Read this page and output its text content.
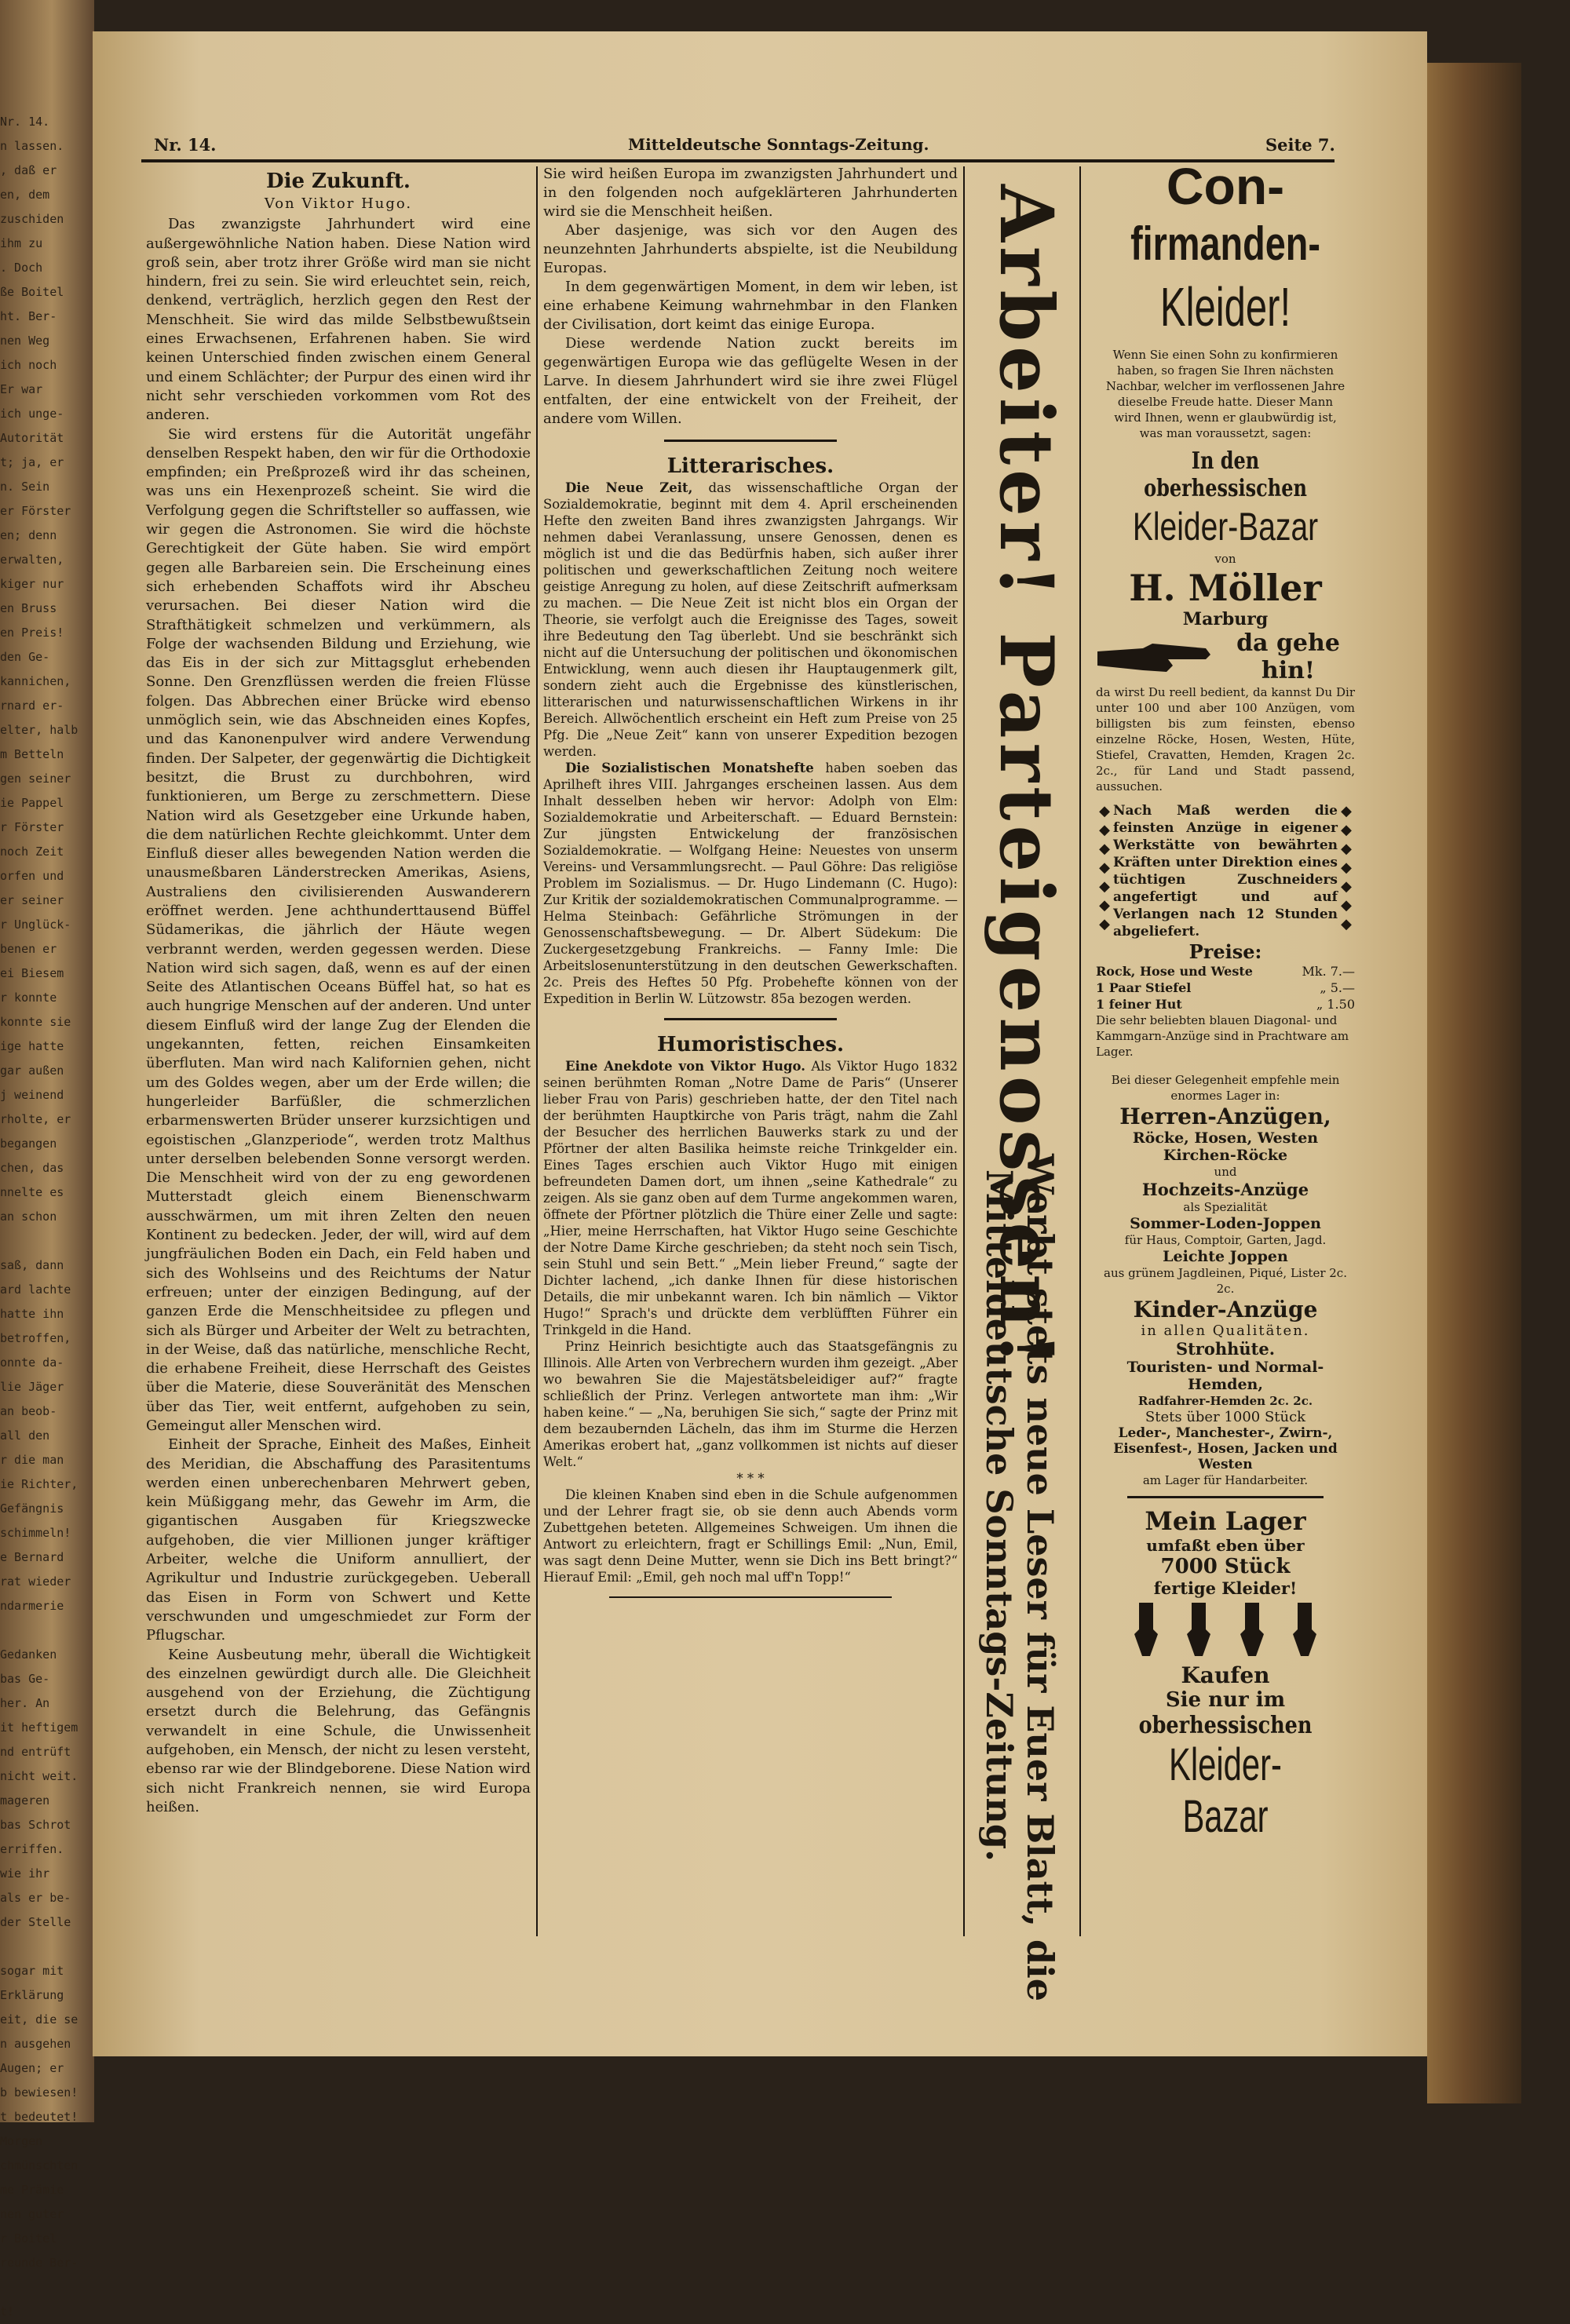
Nr. 14.
n lassen.
, daß er
en, dem
zuschiden
ihm zu
. Doch
ße Boitel
ht. Ber-
nen Weg
ich noch
Er war
ich unge-
Autorität
t; ja, er
n. Sein
er Förster
en; denn
erwalten,
kiger nur
en Bruss
en Preis!
den Ge-
kannichen,
rnard er-
elter, halb
m Betteln
gen seiner
ie Pappel
r Förster
noch Zeit
orfen und
er seiner
r Unglück-
benen er
ei Biesem
r konnte
konnte sie
ige hatte
gar außen
j weinend
rholte, er
begangen
chen, das
nnelte es
an schon

saß, dann
ard lachte
hatte ihn
betroffen,
onnte da-
lie Jäger
an beob-
all den
r die man
ie Richter,
Gefängnis
schimmeln!
e Bernard
rat wieder
ndarmerie

Gedanken
bas Ge-
her. An
it heftigem
nd entrüft
nicht weit.
mageren
bas Schrot
erriffen.
wie ihr
als er be-
der Stelle

sogar mit
Erklärung
eit, die se
n ausgehen
Augen; er
b bewiesen!
t bedeutet!
Morgen
chmünschten
me Prämie
nen guter
r Boitel
reunde Ber-

t!
Nr. 14.	Mitteldeutsche Sonntags-Zeitung.	Seite 7.
Die Zukunft.
Von Viktor Hugo.

Das zwanzigste Jahrhundert wird eine außergewöhnliche Nation haben. Diese Nation wird groß sein, aber trotz ihrer Größe wird man sie nicht hindern, frei zu sein. Sie wird erleuchtet sein, reich, denkend, verträglich, herzlich gegen den Rest der Menschheit. Sie wird das milde Selbstbewußtsein eines Erwachsenen, Erfahrenen haben. Sie wird keinen Unterschied finden zwischen einem General und einem Schlächter; der Purpur des einen wird ihr nicht sehr verschieden vorkommen vom Rot des anderen.

Sie wird erstens für die Autorität ungefähr denselben Respekt haben, den wir für die Orthodoxie empfinden; ein Preßprozeß wird ihr das scheinen, was uns ein Hexenprozeß scheint. Sie wird die Verfolgung gegen die Schriftsteller so auffassen, wie wir gegen die Astronomen. Sie wird die höchste Gerechtigkeit der Güte haben. Sie wird empört gegen alle Barbareien sein. Die Erscheinung eines sich erhebenden Schaffots wird ihr Abscheu verursachen. Bei dieser Nation wird die Strafthätigkeit schmelzen und verkümmern, als Folge der wachsenden Bildung und Erziehung, wie das Eis in der sich zur Mittagsglut erhebenden Sonne. Den Grenzflüssen werden die freien Flüsse folgen. Das Abbrechen einer Brücke wird ebenso unmöglich sein, wie das Abschneiden eines Kopfes, und das Kanonenpulver wird andere Verwendung finden. Der Salpeter, der gegenwärtig die Dichtigkeit besitzt, die Brust zu durchbohren, wird funktionieren, um Berge zu zerschmettern. Diese Nation wird als Gesetzgeber eine Urkunde haben, die dem natürlichen Rechte gleichkommt. Unter dem Einfluß dieser alles bewegenden Nation werden die unausmeßbaren Länderstrecken Amerikas, Asiens, Australiens den civilisierenden Auswanderern eröffnet werden. Jene achthunderttausend Büffel Südamerikas, die jährlich der Häute wegen verbrannt werden, werden gegessen werden. Diese Nation wird sich sagen, daß, wenn es auf der einen Seite des Atlantischen Oceans Büffel hat, so hat es auch hungrige Menschen auf der anderen. Und unter diesem Einfluß wird der lange Zug der Elenden die ungekannten, fetten, reichen Einsamkeiten überfluten. Man wird nach Kalifornien gehen, nicht um des Goldes wegen, aber um der Erde willen; die hungerleider Barfüßler, die schmerzlichen erbarmenswerten Brüder unserer kurzsichtigen und egoistischen „Glanzperiode“, werden trotz Malthus unter derselben belebenden Sonne versorgt werden. Die Menschheit wird von der zu eng gewordenen Mutterstadt gleich einem Bienenschwarm ausschwärmen, um mit ihren Zelten den neuen Kontinent zu bedecken. Jeder, der will, wird auf dem jungfräulichen Boden ein Dach, ein Feld haben und sich des Wohlseins und des Reichtums der Natur erfreuen; unter der einzigen Bedingung, auf der ganzen Erde die Menschheitsidee zu pflegen und sich als Bürger und Arbeiter der Welt zu betrachten, in der Weise, daß das natürliche, menschliche Recht, die erhabene Freiheit, diese Herrschaft des Geistes über die Materie, diese Souveränität des Menschen über das Tier, weit entfernt, aufgehoben zu sein, Gemeingut aller Menschen wird.

Einheit der Sprache, Einheit des Maßes, Einheit des Meridian, die Abschaffung des Parasitentums werden einen unberechenbaren Mehrwert geben, kein Müßiggang mehr, das Gewehr im Arm, die gigantischen Ausgaben für Kriegszwecke aufgehoben, die vier Millionen junger kräftiger Arbeiter, welche die Uniform annulliert, der Agrikultur und Industrie zurückgegeben. Ueberall das Eisen in Form von Schwert und Kette verschwunden und umgeschmiedet zur Form der Pflugschar.

Keine Ausbeutung mehr, überall die Wichtigkeit des einzelnen gewürdigt durch alle. Die Gleichheit ausgehend von der Erziehung, die Züchtigung ersetzt durch die Belehrung, das Gefängnis verwandelt in eine Schule, die Unwissenheit aufgehoben, ein Mensch, der nicht zu lesen versteht, ebenso rar wie der Blindgeborene. Diese Nation wird sich nicht Frankreich nennen, sie wird Europa heißen.

Sie wird heißen Europa im zwanzigsten Jahrhundert und in den folgenden noch aufgeklärteren Jahrhunderten wird sie die Menschheit heißen.

Aber dasjenige, was sich vor den Augen des neunzehnten Jahrhunderts abspielte, ist die Neubildung Europas.

In dem gegenwärtigen Moment, in dem wir leben, ist eine erhabene Keimung wahrnehmbar in den Flanken der Civilisation, dort keimt das einige Europa.

Diese werdende Nation zuckt bereits im gegenwärtigen Europa wie das geflügelte Wesen in der Larve. In diesem Jahrhundert wird sie ihre zwei Flügel entfalten, der eine entwickelt von der Freiheit, der andere vom Willen.

Litterarisches.

Die Neue Zeit, das wissenschaftliche Organ der Sozialdemokratie, beginnt mit dem 4. April erscheinenden Hefte den zweiten Band ihres zwanzigsten Jahrgangs. Wir nehmen dabei Veranlassung, unsere Genossen, denen es möglich ist und die das Bedürfnis haben, sich außer ihrer politischen und gewerkschaftlichen Zeitung noch weitere geistige Anregung zu holen, auf diese Zeitschrift aufmerksam zu machen. — Die Neue Zeit ist nicht blos ein Organ der Theorie, sie verfolgt auch die Ereignisse des Tages, soweit ihre Bedeutung den Tag überlebt. Und sie beschränkt sich nicht auf die Untersuchung der politischen und ökonomischen Entwicklung, wenn auch diesen ihr Hauptaugenmerk gilt, sondern zieht auch die Ergebnisse des künstlerischen, litterarischen und naturwissenschaftlichen Wirkens in ihr Bereich. Allwöchentlich erscheint ein Heft zum Preise von 25 Pfg. Die „Neue Zeit“ kann von unserer Expedition bezogen werden.

Die Sozialistischen Monatshefte haben soeben das Aprilheft ihres VIII. Jahrganges erscheinen lassen. Aus dem Inhalt desselben heben wir hervor: Adolph von Elm: Sozialdemokratie und Arbeiterschaft. — Eduard Bernstein: Zur jüngsten Entwickelung der französischen Sozialdemokratie. — Wolfgang Heine: Neuestes von unserm Vereins- und Versammlungsrecht. — Paul Göhre: Das religiöse Problem im Sozialismus. — Dr. Hugo Lindemann (C. Hugo): Zur Kritik der sozialdemokratischen Communalprogramme. — Helma Steinbach: Gefährliche Strömungen in der Genossenschaftsbewegung. — Dr. Albert Südekum: Die Zuckergesetzgebung Frankreichs. — Fanny Imle: Die Arbeitslosenunterstützung in den deutschen Gewerkschaften. 2c. Preis des Heftes 50 Pfg. Probehefte können von der Expedition in Berlin W. Lützowstr. 85a bezogen werden.

Humoristisches.

Eine Anekdote von Viktor Hugo. Als Viktor Hugo 1832 seinen berühmten Roman „Notre Dame de Paris“ (Unserer lieber Frau von Paris) geschrieben hatte, der den Titel nach der berühmten Hauptkirche von Paris trägt, nahm die Zahl der Besucher des herrlichen Bauwerks stark zu und der Pförtner der alten Basilika heimste reiche Trinkgelder ein. Eines Tages erschien auch Viktor Hugo mit einigen befreundeten Damen dort, um ihnen „seine Kathedrale“ zu zeigen. Als sie ganz oben auf dem Turme angekommen waren, öffnete der Pförtner plötzlich die Thüre einer Zelle und sagte: „Hier, meine Herrschaften, hat Viktor Hugo seine Geschichte der Notre Dame Kirche geschrieben; da steht noch sein Tisch, sein Stuhl und sein Bett.“ „Mein lieber Freund,“ sagte der Dichter lachend, „ich danke Ihnen für diese historischen Details, die mir unbekannt waren. Ich bin nämlich — Viktor Hugo!“ Sprach's und drückte dem verblüfften Führer ein Trinkgeld in die Hand.

Prinz Heinrich besichtigte auch das Staatsgefängnis zu Illinois. Alle Arten von Verbrechern wurden ihm gezeigt. „Aber wo bewahren Sie die Majestätsbeleidiger auf?“ fragte schließlich der Prinz. Verlegen antwortete man ihm: „Wir haben keine.“ — „Na, beruhigen Sie sich,“ sagte der Prinz mit dem bezaubernden Lächeln, das ihm im Sturme die Herzen Amerikas erobert hat, „ganz vollkommen ist nichts auf dieser Welt.“

* * *

Die kleinen Knaben sind eben in die Schule aufgenommen und der Lehrer fragt sie, ob sie denn auch Abends vorm Zubettgehen beteten. Allgemeines Schweigen. Um ihnen die Antwort zu erleichtern, fragt er Schillings Emil: „Nun, Emil, was sagt denn Deine Mutter, wenn sie Dich ins Bett bringt?“ Hierauf Emil: „Emil, geh noch mal uff'n Topp!“

Arbeiter! Parteigenossen!
Werbt stets neue Leser für Euer Blatt, die
Mitteldeutsche Sonntags-Zeitung.
Con-
firmanden-
Kleider!
Wenn Sie einen Sohn zu konfirmieren haben, so fragen Sie Ihren nächsten Nachbar, welcher im verflossenen Jahre dieselbe Freude hatte. Dieser Mann wird Ihnen, wenn er glaubwürdig ist, was man voraussetzt, sagen:
In den oberhessischen
Kleider-Bazar
von
H. Möller
Marburg
da gehe hin!
da wirst Du reell bedient, da kannst Du Dir unter 100 und aber 100 Anzügen, vom billigsten bis zum feinsten, ebenso einzelne Röcke, Hosen, Westen, Hüte, Stiefel, Cravatten, Hemden, Kragen 2c. 2c., für Land und Stadt passend, aussuchen.
◆
◆
◆
◆
◆
◆
◆
Nach Maß werden die feinsten Anzüge in eigener Werkstätte von bewährten Kräften unter Direktion eines tüchtigen Zuschneiders angefertigt und auf Verlangen nach 12 Stunden abgeliefert.
◆
◆
◆
◆
◆
◆
◆
Preise:
Rock, Hose und Weste	Mk. 7.—
1 Paar Stiefel	„ 5.—
1 feiner Hut	„ 1.50
Die sehr beliebten blauen Diagonal- und Kammgarn-Anzüge sind in Prachtware am Lager.
Bei dieser Gelegenheit empfehle mein enormes Lager in:
Herren-Anzügen,
Röcke, Hosen, Westen
Kirchen-Röcke
und
Hochzeits-Anzüge
als Spezialität
Sommer-Loden-Joppen
für Haus, Comptoir, Garten, Jagd.
Leichte Joppen
aus grünem Jagdleinen, Piqué, Lister 2c. 2c.
Kinder-Anzüge
in allen Qualitäten.
Strohhüte.
Touristen- und Normal-Hemden,
Radfahrer-Hemden 2c. 2c.
Stets über 1000 Stück
Leder-, Manchester-, Zwirn-, Eisenfest-, Hosen, Jacken und Westen
am Lager für Handarbeiter.
Mein Lager
umfaßt eben über
7000 Stück
fertige Kleider!
Kaufen
Sie nur im
oberhessischen
Kleider-Bazar
